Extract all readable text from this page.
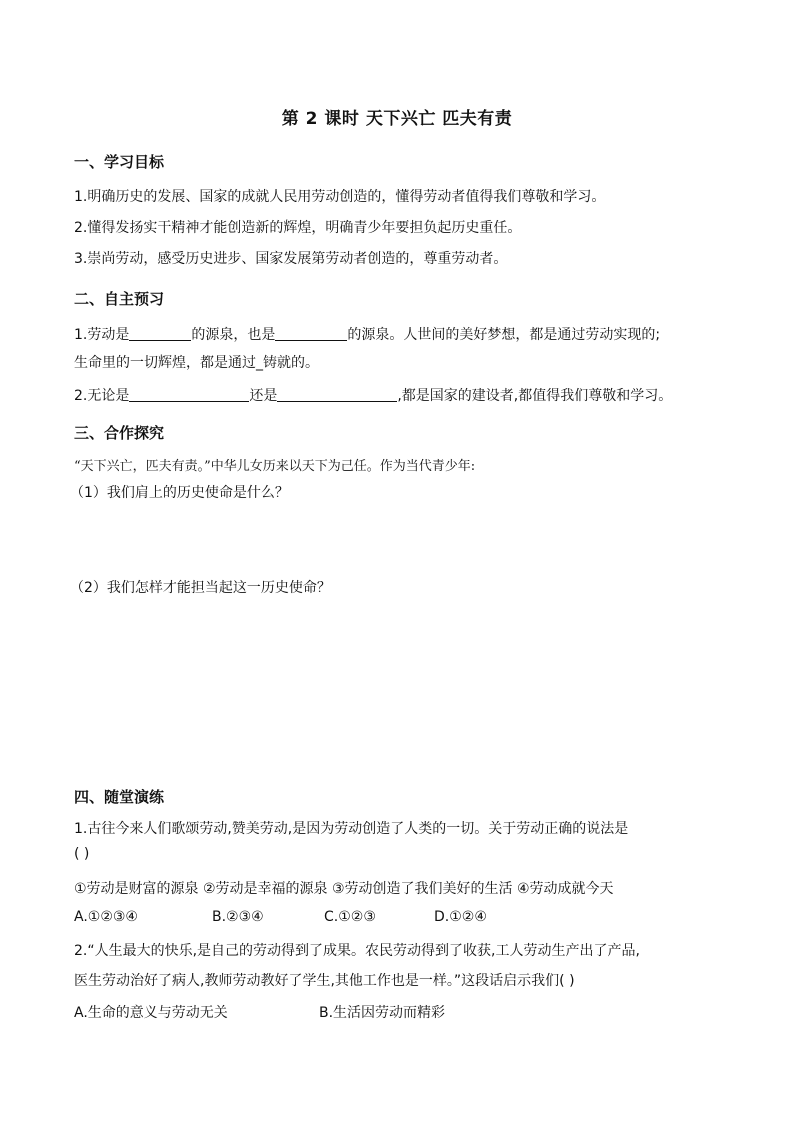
第 2 课时 天下兴亡 匹夫有责
一、学习目标
1.明确历史的发展、国家的成就人民用劳动创造的，懂得劳动者值得我们尊敬和学习。
2.懂得发扬实干精神才能创造新的辉煌，明确青少年要担负起历史重任。
3.崇尚劳动，感受历史进步、国家发展第劳动者创造的，尊重劳动者。
二、自主预习
1.劳动是	的源泉，也是	的源泉。人世间的美好梦想，都是通过劳动实现的;
生命里的一切辉煌，都是通过_铸就的。
2.无论是	还是	,都是国家的建设者,都值得我们尊敬和学习。
三、合作探究
“天下兴亡，匹夫有责。”中华儿女历来以天下为己任。作为当代青少年:
（1）我们肩上的历史使命是什么？
（2）我们怎样才能担当起这一历史使命？
四、随堂演练
1.古往今来人们歌颂劳动,赞美劳动,是因为劳动创造了人类的一切。关于劳动正确的说法是
( )
①劳动是财富的源泉 ②劳动是幸福的源泉 ③劳动创造了我们美好的生活 ④劳动成就今天
A.①②③④	B.②③④	C.①②③	D.①②④
2.“人生最大的快乐,是自己的劳动得到了成果。农民劳动得到了收获,工人劳动生产出了产品,
医生劳动治好了病人,教师劳动教好了学生,其他工作也是一样。”这段话启示我们( )
A.生命的意义与劳动无关	B.生活因劳动而精彩
